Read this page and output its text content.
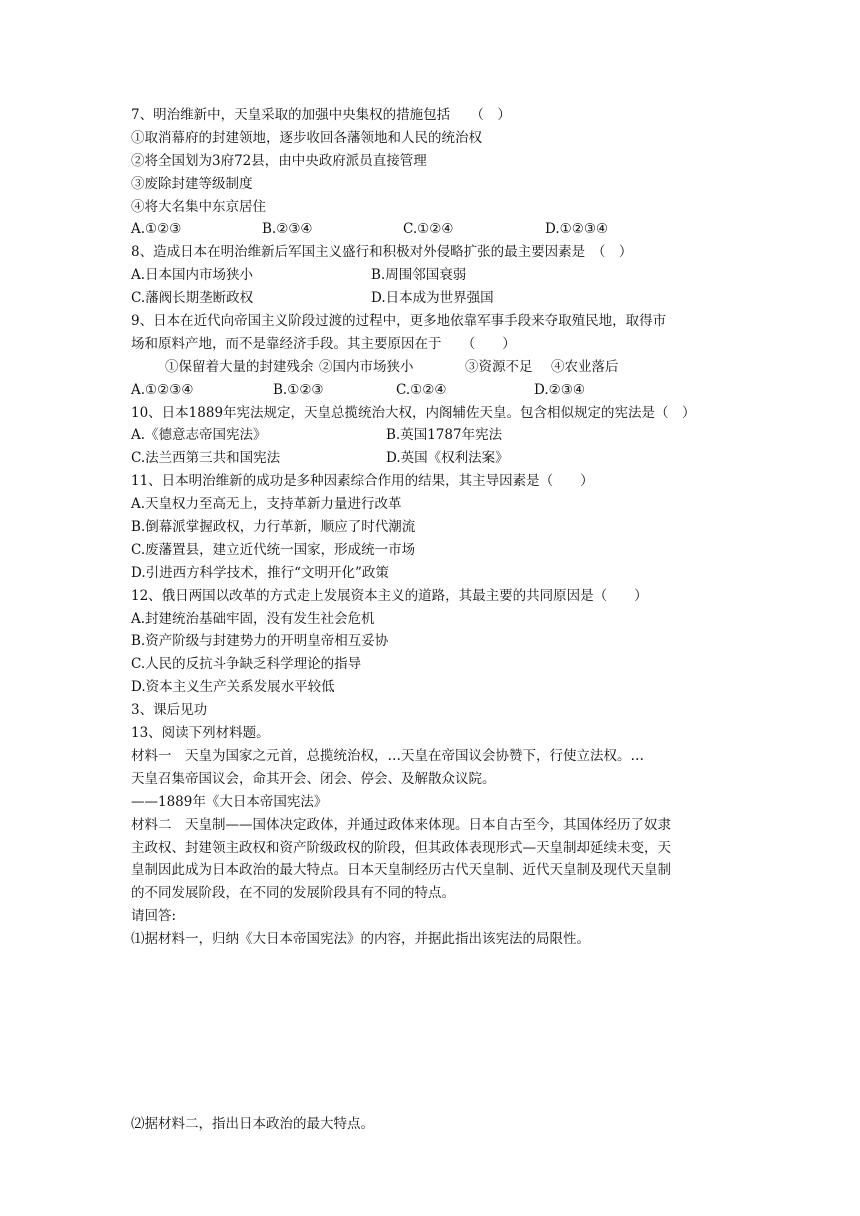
7、明治维新中，天皇采取的加强中央集权的措施包括　　（　）
①取消幕府的封建领地，逐步收回各藩领地和人民的统治权
②将全国划为3府72县，由中央政府派员直接管理
③废除封建等级制度
④将大名集中东京居住
A.①②③	B.②③④	C.①②④	D.①②③④
8、造成日本在明治维新后军国主义盛行和积极对外侵略扩张的最主要因素是　（　）
A.日本国内市场狭小	B.周围邻国衰弱
C.藩阀长期垄断政权	D.日本成为世界强国
9、日本在近代向帝国主义阶段过渡的过程中，更多地依靠军事手段来夺取殖民地，取得市
场和原料产地，而不是靠经济手段。其主要原因在于　　（　　）
①保留着大量的封建残余 ②国内市场狭小	③资源不足	④农业落后
A.①②③④	B.①②③	C.①②④	D.②③④
10、日本1889年宪法规定，天皇总揽统治大权，内阁辅佐天皇。包含相似规定的宪法是（　）
A.《德意志帝国宪法》	B.英国1787年宪法
C.法兰西第三共和国宪法	D.英国《权利法案》
11、日本明治维新的成功是多种因素综合作用的结果，其主导因素是（　　）
A.天皇权力至高无上，支持革新力量进行改革
B.倒幕派掌握政权，力行革新，顺应了时代潮流
C.废藩置县，建立近代统一国家，形成统一市场
D.引进西方科学技术，推行“文明开化”政策
12、俄日两国以改革的方式走上发展资本主义的道路，其最主要的共同原因是（　　）
A.封建统治基础牢固，没有发生社会危机
B.资产阶级与封建势力的开明皇帝相互妥协
C.人民的反抗斗争缺乏科学理论的指导
D.资本主义生产关系发展水平较低
3、课后见功
13、阅读下列材料题。
材料一　天皇为国家之元首，总揽统治权，…天皇在帝国议会协赞下，行使立法权。…
天皇召集帝国议会，命其开会、闭会、停会、及解散众议院。
——1889年《大日本帝国宪法》
材料二　天皇制——国体决定政体，并通过政体来体现。日本自古至今，其国体经历了奴隶
主政权、封建领主政权和资产阶级政权的阶段，但其政体表现形式—天皇制却延续未变，天
皇制因此成为日本政治的最大特点。日本天皇制经历古代天皇制、近代天皇制及现代天皇制
的不同发展阶段，在不同的发展阶段具有不同的特点。
请回答:
⑴据材料一，归纳《大日本帝国宪法》的内容，并据此指出该宪法的局限性。
⑵据材料二，指出日本政治的最大特点。
